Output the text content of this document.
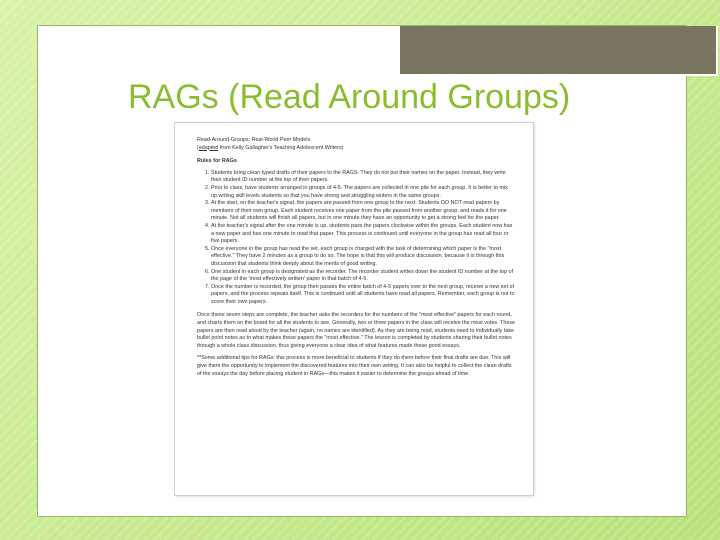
RAGs (Read Around Groups)

Read-Around-Groups: Real-World Peer Models

(adapted from Kelly Gallagher's Teaching Adolescent Writers)

Rules for RAGs

1. Students bring clean typed drafts of their papers to the RAGS. They do not put their names on the paper. Instead, they write their student ID number at the top of their papers.
2. Prior to class, have students arranged in groups of 4-5. The papers are collected in one pile for each group. It is better to mix up writing skill levels students so that you have strong and struggling writers in the same groups.
3. At the start, on the teacher's signal, the papers are passed from one group to the next. Students DO NOT read papers by members of their own group. Each student receives one paper from the pile passed from another group, and reads it for one minute. Not all students will finish all papers, but in one minute they have an opportunity to get a strong feel for the paper.
4. At the teacher's signal after the one minute is up, students pass the papers clockwise within the groups. Each student now has a new paper and has one minute to read that paper. This process is continued until everyone in the group has read all four or five papers.
5. Once everyone in the group has read the set, each group is charged with the task of determining which paper is the "most effective." They have 2 minutes as a group to do so. The hope is that this will produce discussion, because it is through this discussion that students think deeply about the merits of good writing.
6. One student in each group is designated as the recorder. The recorder student writes down the student ID number at the top of the page of the 'most effectively written' paper in that batch of 4-5.
7. Once the number is recorded, the group then passes the entire batch of 4-5 papers over to the next group, receive a new set of papers, and the process repeats itself. This is continued until all students have read all papers. Remember, each group is not to score their own papers.

Once these seven steps are complete, the teacher asks the recorders for the numbers of the "most effective" papers for each round, and charts them on the board for all the students to see. Generally, two or three papers in the class will receive the most votes. These papers are then read aloud by the teacher (again, no names are identified). As they are being read, students need to individually take bullet point notes as to what makes these papers the "most effective." The lesson is completed by students sharing their bullet notes through a whole class discussion, thus giving everyone a clear idea of what features made these good essays.

**Some additional tips for RAGs: this process is more beneficial to students if they do them before their final drafts are due. This will give them the opportunity to implement the discovered features into their own writing. It can also be helpful to collect the clean drafts of the essays the day before placing student in RAGs—this makes it easier to determine the groups ahead of time.
